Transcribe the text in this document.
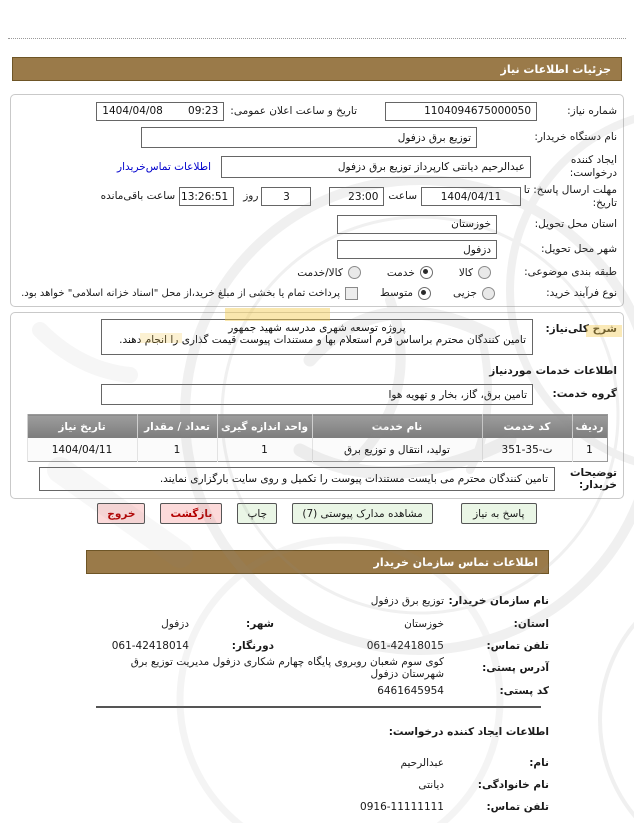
جزئیات اطلاعات نیاز
شماره نیاز:
1104094675000050
تاریخ و ساعت اعلان عمومی:
09:23
1404/04/08
نام دستگاه خریدار:
توزیع برق دزفول
ایجاد کننده درخواست:
عبدالرحیم دیانتی کارپرداز توزیع برق دزفول
اطلاعات تماس‌خریدار
مهلت ارسال پاسخ: تا تاریخ:
1404/04/11
ساعت
23:00
3
روز
13:26:51
ساعت باقی‌مانده
استان محل تحویل:
خوزستان
شهر محل تحویل:
دزفول
طبقه بندی موضوعی:
کالا
خدمت
کالا/خدمت
نوع فرآیند خرید:
جزیی
متوسط
پرداخت تمام یا بخشی از مبلغ خرید،از محل "اسناد خزانه اسلامی" خواهد بود.
شرح کلی‌نیاز:
پروژه توسعه شهری مدرسه شهید جمهور
تامین کنندگان محترم براساس فرم استعلام بها و مستندات پیوست قیمت گذاری را انجام دهند.
اطلاعات خدمات موردنیاز
گروه خدمت:
تامین برق، گاز، بخار و تهویه هوا
ردیف	کد خدمت	نام خدمت	واحد اندازه گیری	تعداد / مقدار	تاریخ نیاز
1	ت-35-351	تولید، انتقال و توزیع برق	1	1	1404/04/11
توضیحات خریدار:
تامین کنندگان محترم می بایست مستندات پیوست را تکمیل و روی سایت بارگزاری نمایند.
پاسخ به نیاز
مشاهده مدارک پیوستی (7)
چاپ
بازگشت
خروج
اطلاعات تماس سازمان خریدار
نام سازمان خریدار:
توزیع برق دزفول
استان:
خوزستان
شهر:
دزفول
تلفن تماس:
061-42418015
دورنگار:
061-42418014
آدرس پستی:
کوی سوم شعبان روبروی پایگاه چهارم شکاری دزفول مدیریت توزیع برق شهرستان دزفول
کد پستی:
6461645954
اطلاعات ایجاد کننده درخواست:
نام:
عبدالرحیم
نام خانوادگی:
دیانتی
تلفن تماس:
0916-11111111
